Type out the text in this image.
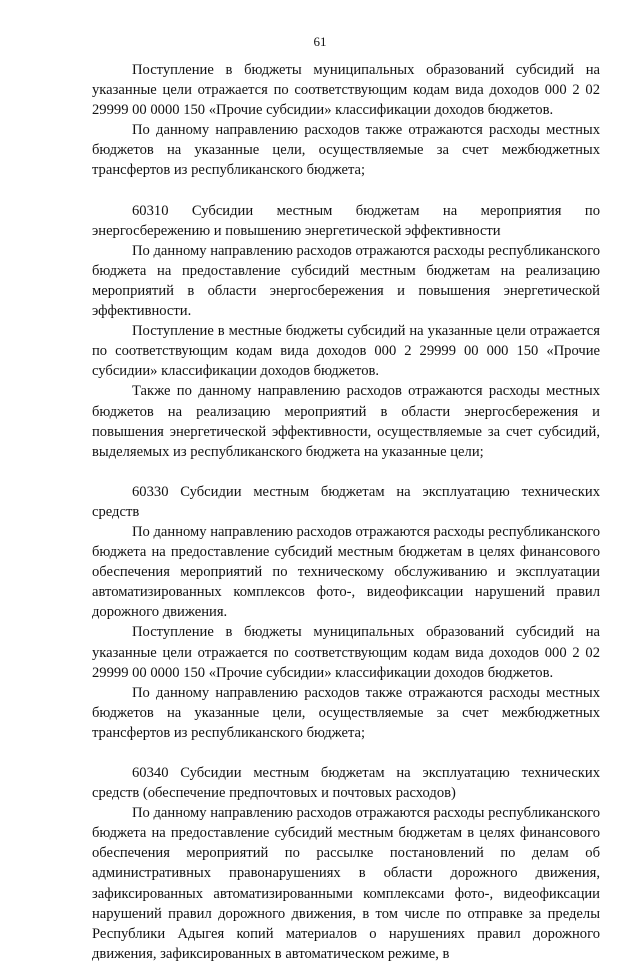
61

Поступление в бюджеты муниципальных образований субсидий на указанные цели отражается по соответствующим кодам вида доходов 000 2 02 29999 00 0000 150 «Прочие субсидии» классификации доходов бюджетов.

По данному направлению расходов также отражаются расходы местных бюджетов на указанные цели, осуществляемые за счет межбюджетных трансфертов из республиканского бюджета;

60310 Субсидии местным бюджетам на мероприятия по энергосбережению и повышению энергетической эффективности

По данному направлению расходов отражаются расходы республиканского бюджета на предоставление субсидий местным бюджетам на реализацию мероприятий в области энергосбережения и повышения энергетической эффективности.

Поступление в местные бюджеты субсидий на указанные цели отражается по соответствующим кодам вида доходов 000 2 29999 00 000 150 «Прочие субсидии» классификации доходов бюджетов.

Также по данному направлению расходов отражаются расходы местных бюджетов на реализацию мероприятий в области энергосбережения и повышения энергетической эффективности, осуществляемые за счет субсидий, выделяемых из республиканского бюджета на указанные цели;

60330 Субсидии местным бюджетам на эксплуатацию технических средств

По данному направлению расходов отражаются расходы республиканского бюджета на предоставление субсидий местным бюджетам в целях финансового обеспечения мероприятий по техническому обслуживанию и эксплуатации автоматизированных комплексов фото-, видеофиксации нарушений правил дорожного движения.

Поступление в бюджеты муниципальных образований субсидий на указанные цели отражается по соответствующим кодам вида доходов 000 2 02 29999 00 0000 150 «Прочие субсидии» классификации доходов бюджетов.

По данному направлению расходов также отражаются расходы местных бюджетов на указанные цели, осуществляемые за счет межбюджетных трансфертов из республиканского бюджета;

60340 Субсидии местным бюджетам на эксплуатацию технических средств (обеспечение предпочтовых и почтовых расходов)

По данному направлению расходов отражаются расходы республиканского бюджета на предоставление субсидий местным бюджетам в целях финансового обеспечения мероприятий по рассылке постановлений по делам об административных правонарушениях в области дорожного движения, зафиксированных автоматизированными комплексами фото-, видеофиксации нарушений правил дорожного движения, в том числе по отправке за пределы Республики Адыгея копий материалов о нарушениях правил дорожного движения, зафиксированных в автоматическом режиме, в
